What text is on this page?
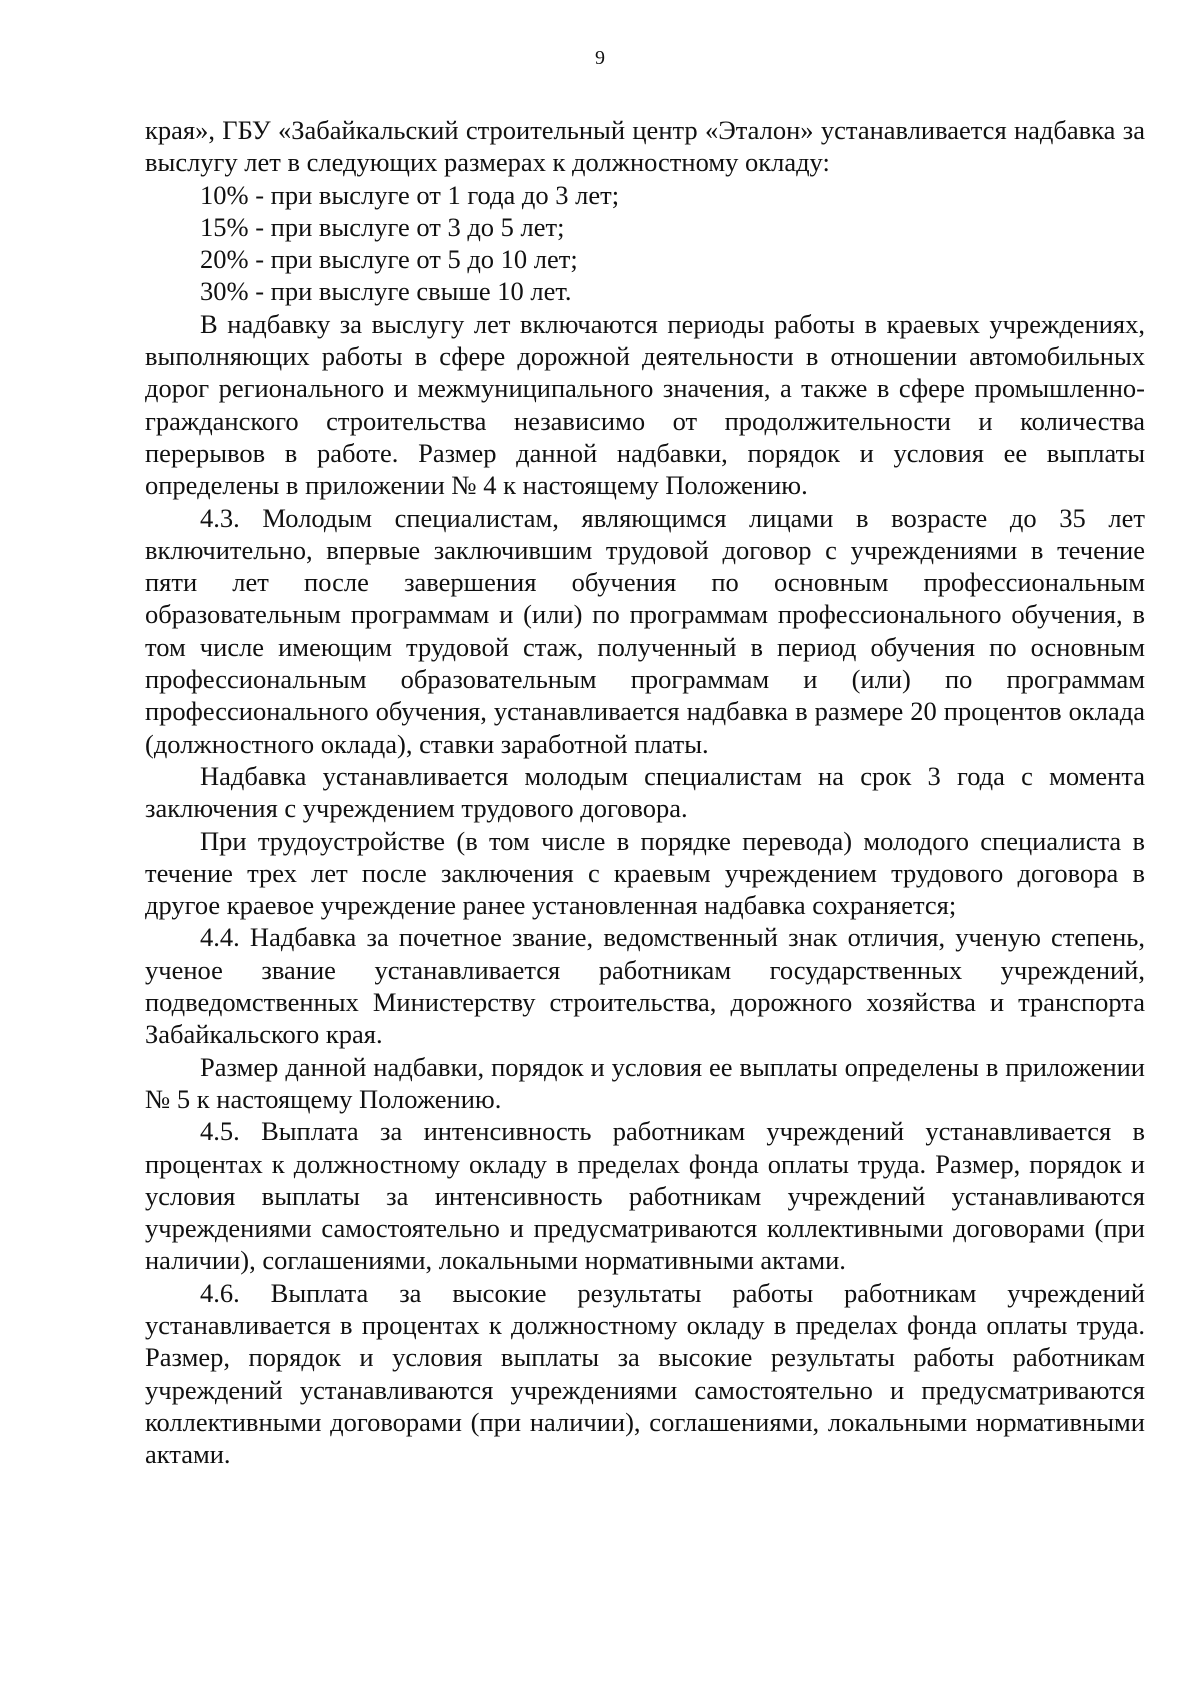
9

края», ГБУ «Забайкальский строительный центр «Эталон» устанавливается надбавка за выслугу лет в следующих размерах к должностному окладу:

10% - при выслуге от 1 года до 3 лет;

15% - при выслуге от 3 до 5 лет;

20% - при выслуге от 5 до 10 лет;

30% - при выслуге свыше 10 лет.

В надбавку за выслугу лет включаются периоды работы в краевых учреждениях, выполняющих работы в сфере дорожной деятельности в отношении автомобильных дорог регионального и межмуниципального значения, а также в сфере промышленно-гражданского строительства независимо от продолжительности и количества перерывов в работе. Размер данной надбавки, порядок и условия ее выплаты определены в приложении № 4 к настоящему Положению.

4.3. Молодым специалистам, являющимся лицами в возрасте до 35 лет включительно, впервые заключившим трудовой договор с учреждениями в течение пяти лет после завершения обучения по основным профессиональным образовательным программам и (или) по программам профессионального обучения, в том числе имеющим трудовой стаж, полученный в период обучения по основным профессиональным образовательным программам и (или) по программам профессионального обучения, устанавливается надбавка в размере 20 процентов оклада (должностного оклада), ставки заработной платы.

Надбавка устанавливается молодым специалистам на срок 3 года с момента заключения с учреждением трудового договора.

При трудоустройстве (в том числе в порядке перевода) молодого специалиста в течение трех лет после заключения с краевым учреждением трудового договора в другое краевое учреждение ранее установленная надбавка сохраняется;

4.4. Надбавка за почетное звание, ведомственный знак отличия, ученую степень, ученое звание устанавливается работникам государственных учреждений, подведомственных Министерству строительства, дорожного хозяйства и транспорта Забайкальского края.

Размер данной надбавки, порядок и условия ее выплаты определены в приложении № 5 к настоящему Положению.

4.5. Выплата за интенсивность работникам учреждений устанавливается в процентах к должностному окладу в пределах фонда оплаты труда. Размер, порядок и условия выплаты за интенсивность работникам учреждений устанавливаются учреждениями самостоятельно и предусматриваются коллективными договорами (при наличии), соглашениями, локальными нормативными актами.

4.6. Выплата за высокие результаты работы работникам учреждений устанавливается в процентах к должностному окладу в пределах фонда оплаты труда. Размер, порядок и условия выплаты за высокие результаты работы работникам учреждений устанавливаются учреждениями самостоятельно и предусматриваются коллективными договорами (при наличии), соглашениями, локальными нормативными актами.
